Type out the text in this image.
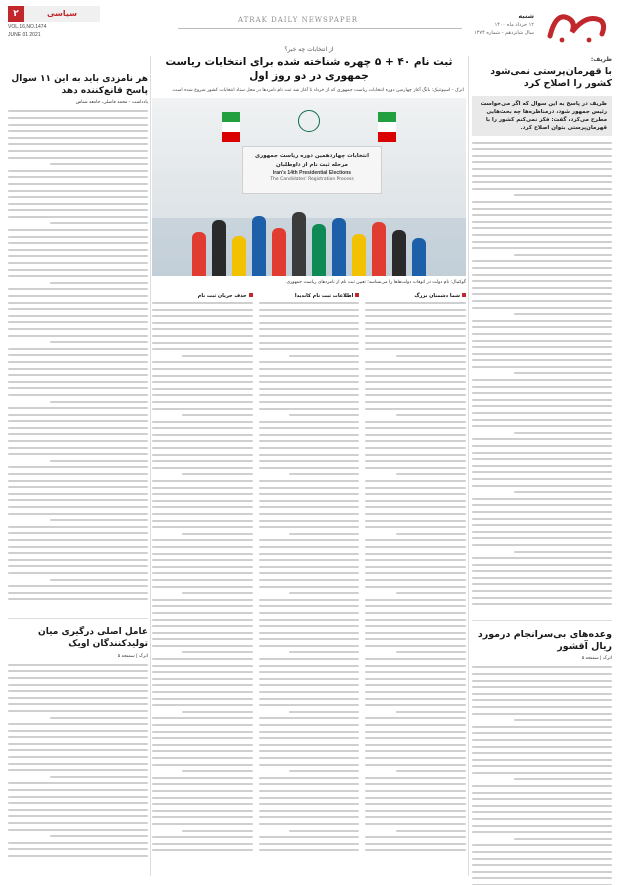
شنبه
۱۲ خرداد ماه ۱۴۰۰
سال شانزدهم - شماره ۱۴۷۴
ATRAK DAILY NEWSPAPER
۲	سیاسی
VOL.16,NO.1474
JUNE 01 2021
ظریف:
با قهرمان‌پرستی نمی‌شود کشور را اصلاح کرد
ظریف در پاسخ به این سوال که اگر می‌خواست رئیس جمهور شود، درمناظره‌ها چه بحث‌هایی مطرح می‌کرد، گفت: فکر نمی‌کنم کشور را با قهرمان‌پرستی بتوان اصلاح کرد.
وعده‌های بی‌سرانجام درمورد ریال آقشور
اترک | سمنجه ۵
از انتخابات چه خبر؟
ثبت نام ۴۰ + ۵ چهره شناخته شده برای انتخابات ریاست جمهوری در دو روز اول
اترک - اسپوتنیک: بانگ آغاز چهارمین دوره انتخابات ریاست جمهوری که از خرداد تا آغاز شد ثبت نام نامزدها در محل ستاد انتخابات کشور شروع شده است.
انتخابات چهاردهمین دوره ریاست جمهوری
مرحله ثبت نام از داوطلبان
Iran's 14th Presidential Elections
The Candidates' Registration Process
گوکنیال: نام دولت در اتوقات دولت‌هاها را می‌شناسد؛ تعیین ثبت نام از نامزدهای ریاست جمهوری.
شما دشمنان بزرگ
اطلاعات ثبت نام کاندیدا
حذف جریان ثبت نام
هر نامزدی باید به این ۱۱ سوال پاسخ قانع‌کننده دهد
یادداشت - محمد فاضلی، جامعه شناس
عامل اصلی درگیری میان تولیدکنندگان اویک
اترک | سمنجه ۵
